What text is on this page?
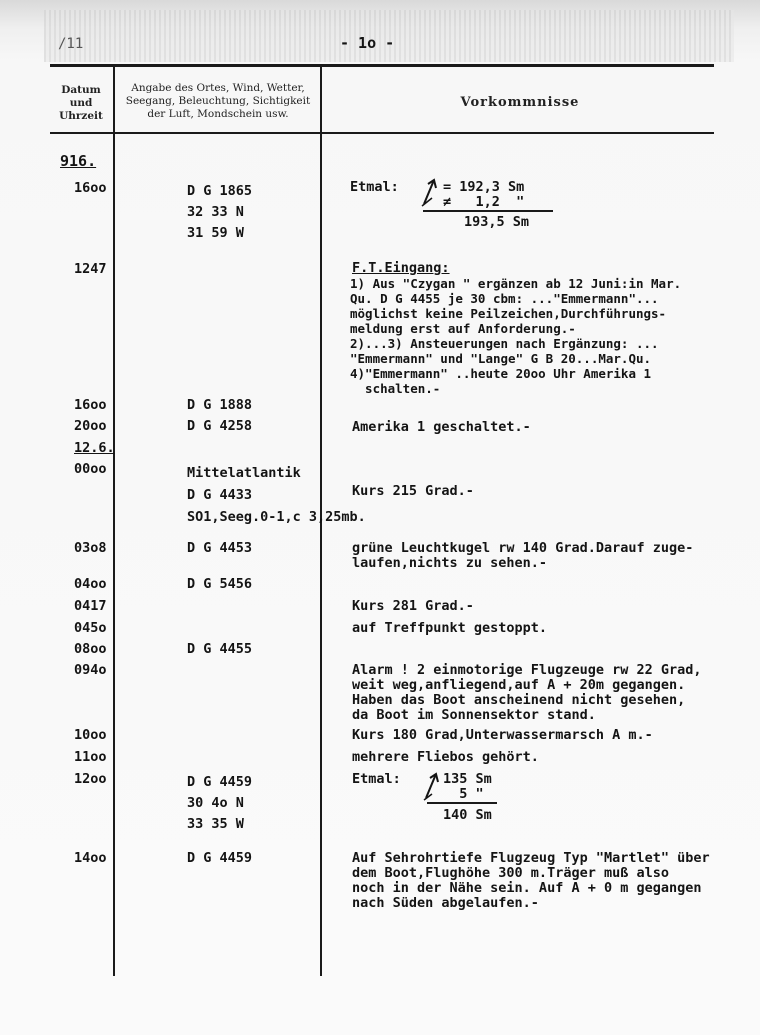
/11	- 1o -
Datum
und
Uhrzeit
Angabe des Ortes, Wind, Wetter,
Seegang, Beleuchtung, Sichtigkeit
der Luft, Mondschein usw.
Vorkommnisse
916.
16oo	D G 1865
32 33 N
31 59 W
Etmal:	= 192,3 Sm
≠   1,2  "
193,5 Sm
1247	F.T.Eingang:
1) Aus "Czygan " ergänzen ab 12 Juni:in Mar.
Qu. D G 4455 je 30 cbm: ..."Emmermann"...
möglichst keine Peilzeichen,Durchführungs-
meldung erst auf Anforderung.-
2)...3) Ansteuerungen nach Ergänzung: ...
"Emmermann" und "Lange" G B 20...Mar.Qu.
4)"Emmermann" ..heute 20oo Uhr Amerika 1
schalten.-
16oo	D G 1888
20oo	D G 4258	Amerika 1 geschaltet.-
12.6.
00oo	Mittelatlantik
D G 4433
SO1,Seeg.0-1,c 3,25mb.
Kurs 215 Grad.-
03o8	D G 4453	grüne Leuchtkugel rw 140 Grad.Darauf zuge-
laufen,nichts zu sehen.-
04oo	D G 5456
0417	Kurs 281 Grad.-
045o	auf Treffpunkt gestoppt.
08oo	D G 4455
094o	Alarm ! 2 einmotorige Flugzeuge rw 22 Grad,
weit weg,anfliegend,auf A + 20m gegangen.
Haben das Boot anscheinend nicht gesehen,
da Boot im Sonnensektor stand.
10oo	Kurs 180 Grad,Unterwassermarsch A m.-
11oo	mehrere Fliebos gehört.
12oo	D G 4459
30 4o N
33 35 W
Etmal:	135 Sm
5 "
140 Sm
14oo	D G 4459	Auf Sehrohrtiefe Flugzeug Typ "Martlet" über
dem Boot,Flughöhe 300 m.Träger muß also
noch in der Nähe sein. Auf A + 0 m gegangen
nach Süden abgelaufen.-
